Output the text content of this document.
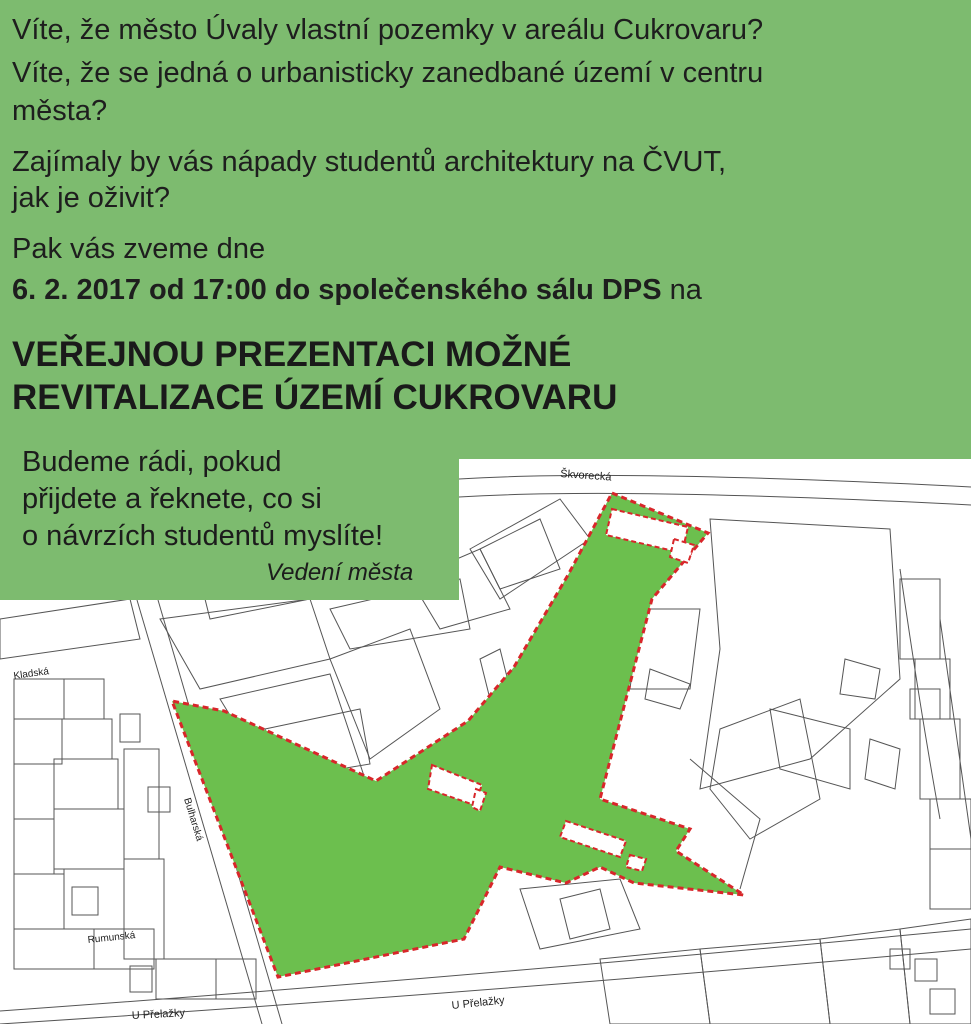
Škvorecká
Kladská
Bulharská
Rumunská
U Přelažky
U Přelažky
Víte, že město Úvaly vlastní pozemky v areálu Cukrovaru?
Víte, že se jedná o urbanisticky zanedbané území v centru
města?
Zajímaly by vás nápady studentů architektury na ČVUT,
jak je oživit?
Pak vás zveme dne
6. 2. 2017 od 17:00 do společenského sálu DPS na
VEŘEJNOU PREZENTACI MOŽNÉ
REVITALIZACE ÚZEMÍ CUKROVARU
Budeme rádi, pokud
přijdete a řeknete, co si
o návrzích studentů myslíte!
Vedení města
